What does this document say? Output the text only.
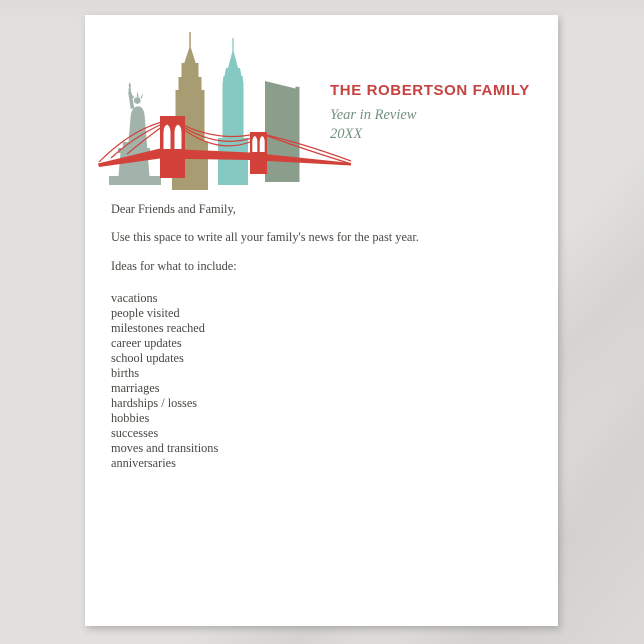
THE ROBERTSON FAMILY
Year in Review
20XX

Dear Friends and Family,

Use this space to write all your family's news for the past year.

Ideas for what to include:

vacations
people visited
milestones reached
career updates
school updates
births
marriages
hardships / losses
hobbies
successes
moves and transitions
anniversaries
